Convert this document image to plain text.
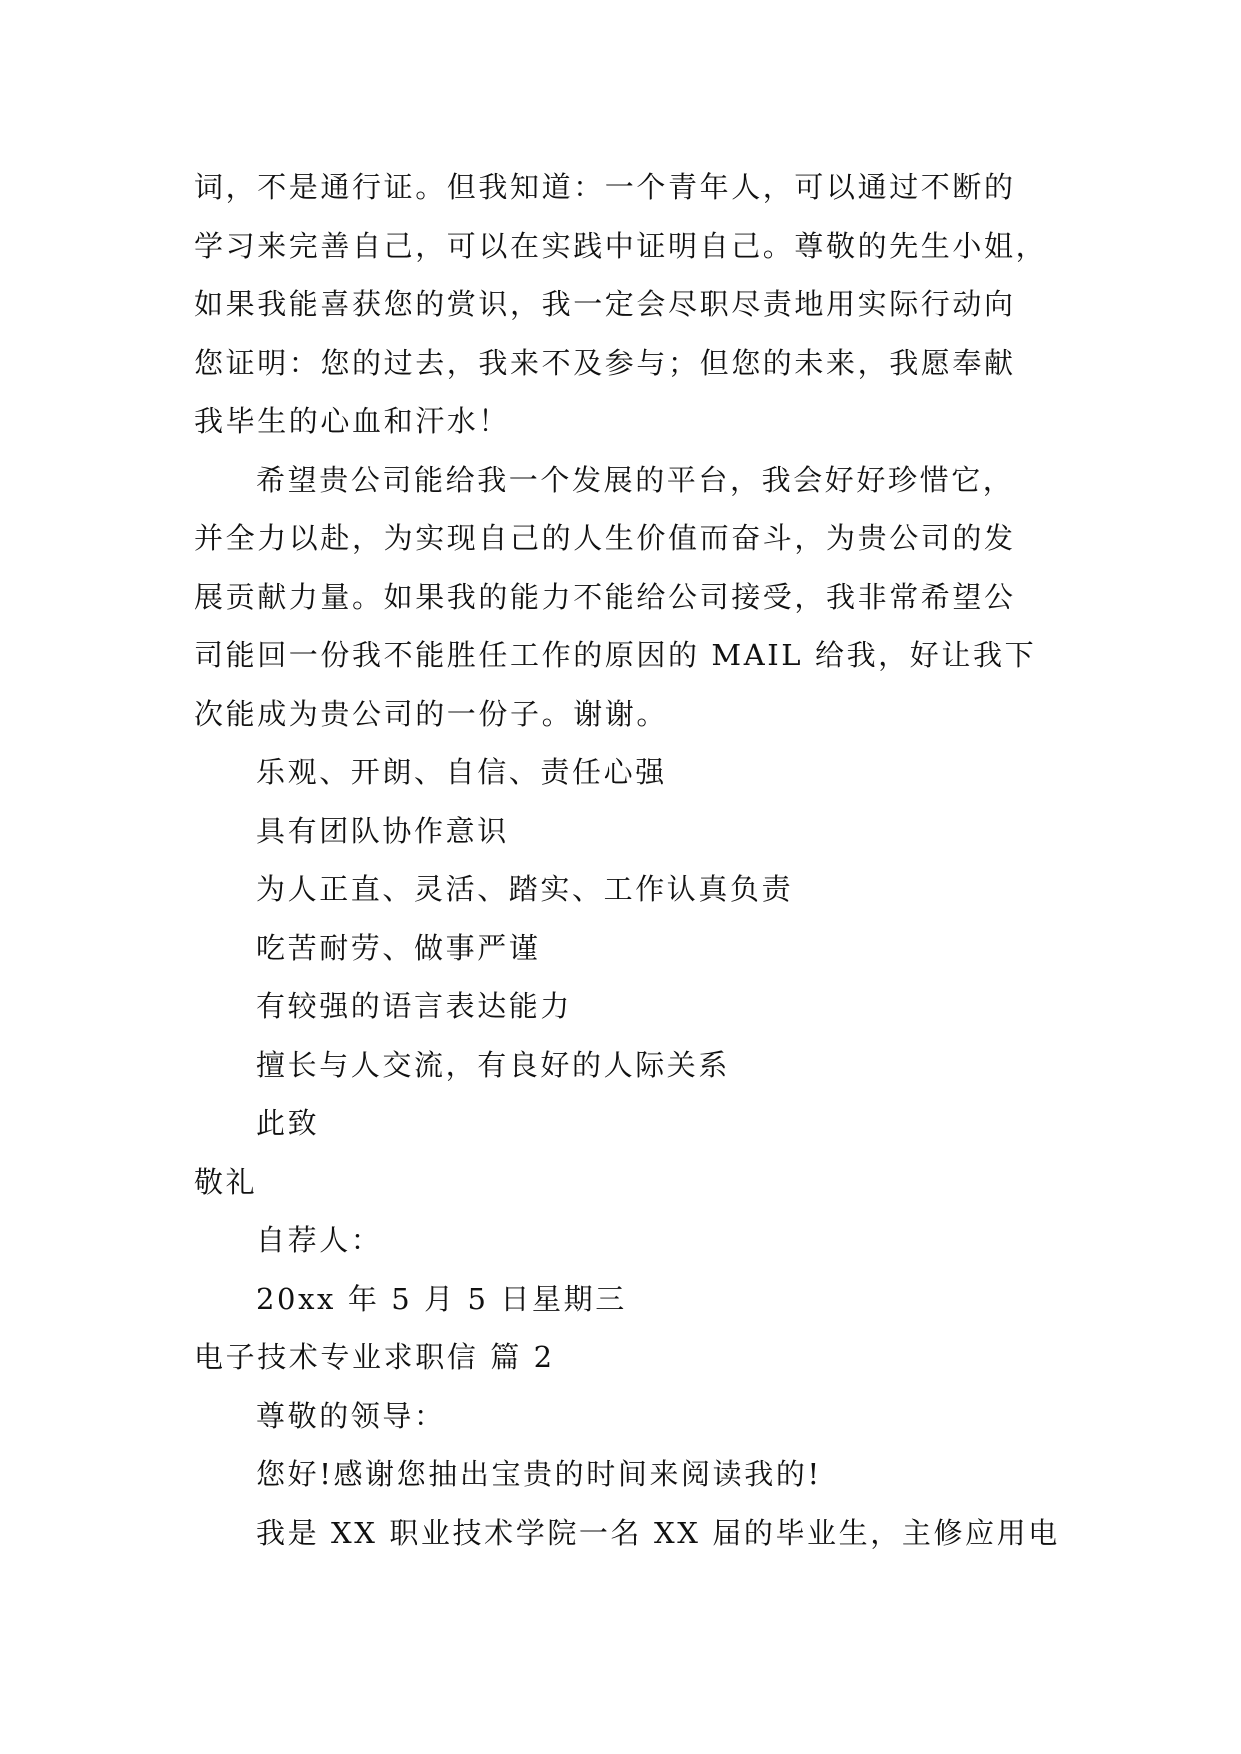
词，不是通行证。但我知道：一个青年人，可以通过不断的
学习来完善自己，可以在实践中证明自己。尊敬的先生小姐，
如果我能喜获您的赏识，我一定会尽职尽责地用实际行动向
您证明：您的过去，我来不及参与；但您的未来，我愿奉献
我毕生的心血和汗水！
希望贵公司能给我一个发展的平台，我会好好珍惜它，
并全力以赴，为实现自己的人生价值而奋斗，为贵公司的发
展贡献力量。如果我的能力不能给公司接受，我非常希望公
司能回一份我不能胜任工作的原因的 MAIL 给我，好让我下
次能成为贵公司的一份子。谢谢。
乐观、开朗、自信、责任心强
具有团队协作意识
为人正直、灵活、踏实、工作认真负责
吃苦耐劳、做事严谨
有较强的语言表达能力
擅长与人交流，有良好的人际关系
此致
敬礼
自荐人：
20xx 年 5 月 5 日星期三
电子技术专业求职信 篇 2
尊敬的领导：
您好!感谢您抽出宝贵的时间来阅读我的!
我是 XX 职业技术学院一名 XX 届的毕业生，主修应用电
